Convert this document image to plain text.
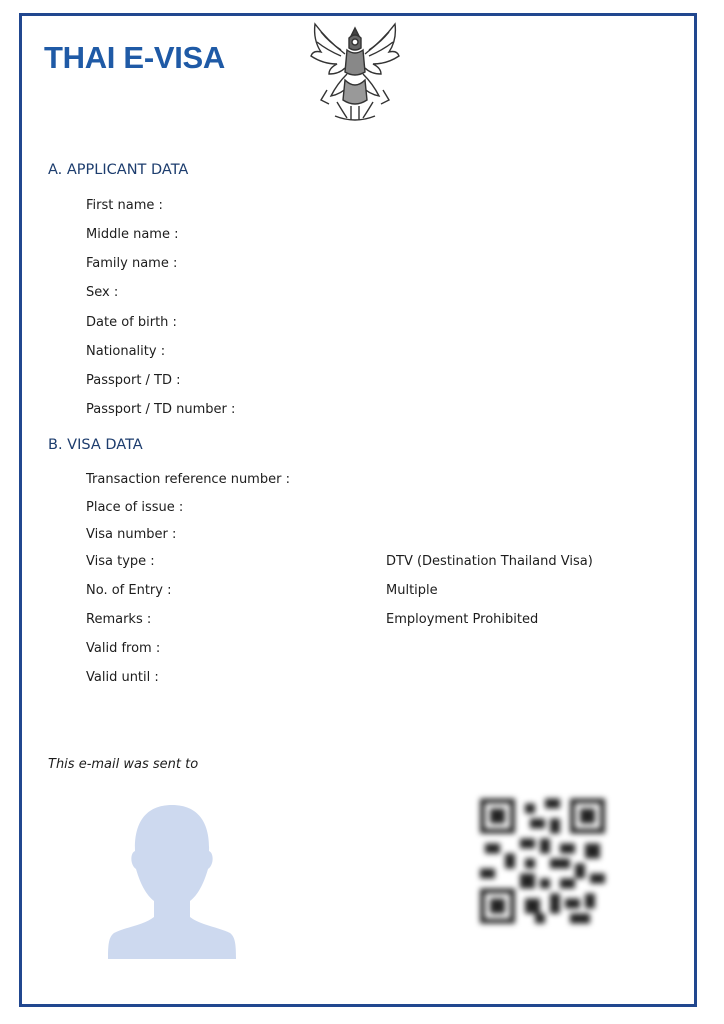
THAI E-VISA
A. APPLICANT DATA
First name :
Middle name :
Family name :
Sex :
Date of birth :
Nationality :
Passport / TD :
Passport / TD number :
B. VISA DATA
Transaction reference number :
Place of issue :
Visa number :
Visa type :	DTV (Destination Thailand Visa)
No. of Entry :	Multiple
Remarks :	Employment Prohibited
Valid from :
Valid until :
This e-mail was sent to
